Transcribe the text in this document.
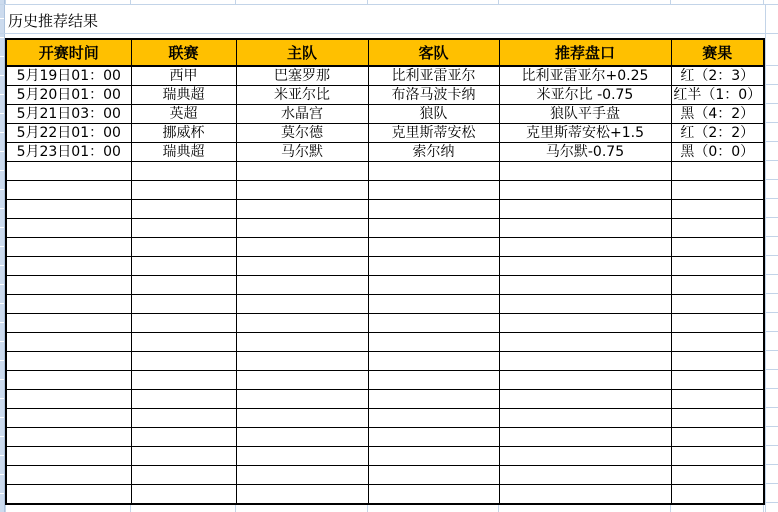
历史推荐结果
开赛时间	联赛	主队	客队	推荐盘口	赛果
5月19日01：00	西甲	巴塞罗那	比利亚雷亚尔	比利亚雷亚尔+0.25	红（2：3）
5月20日01：00	瑞典超	米亚尔比	布洛马波卡纳	米亚尔比 -0.75	红半（1：0）
5月21日03：00	英超	水晶宫	狼队	狼队平手盘	黑（4：2）
5月22日01：00	挪威杯	莫尔德	克里斯蒂安松	克里斯蒂安松+1.5	红（2：2）
5月23日01：00	瑞典超	马尔默	索尔纳	马尔默-0.75	黑（0：0）
